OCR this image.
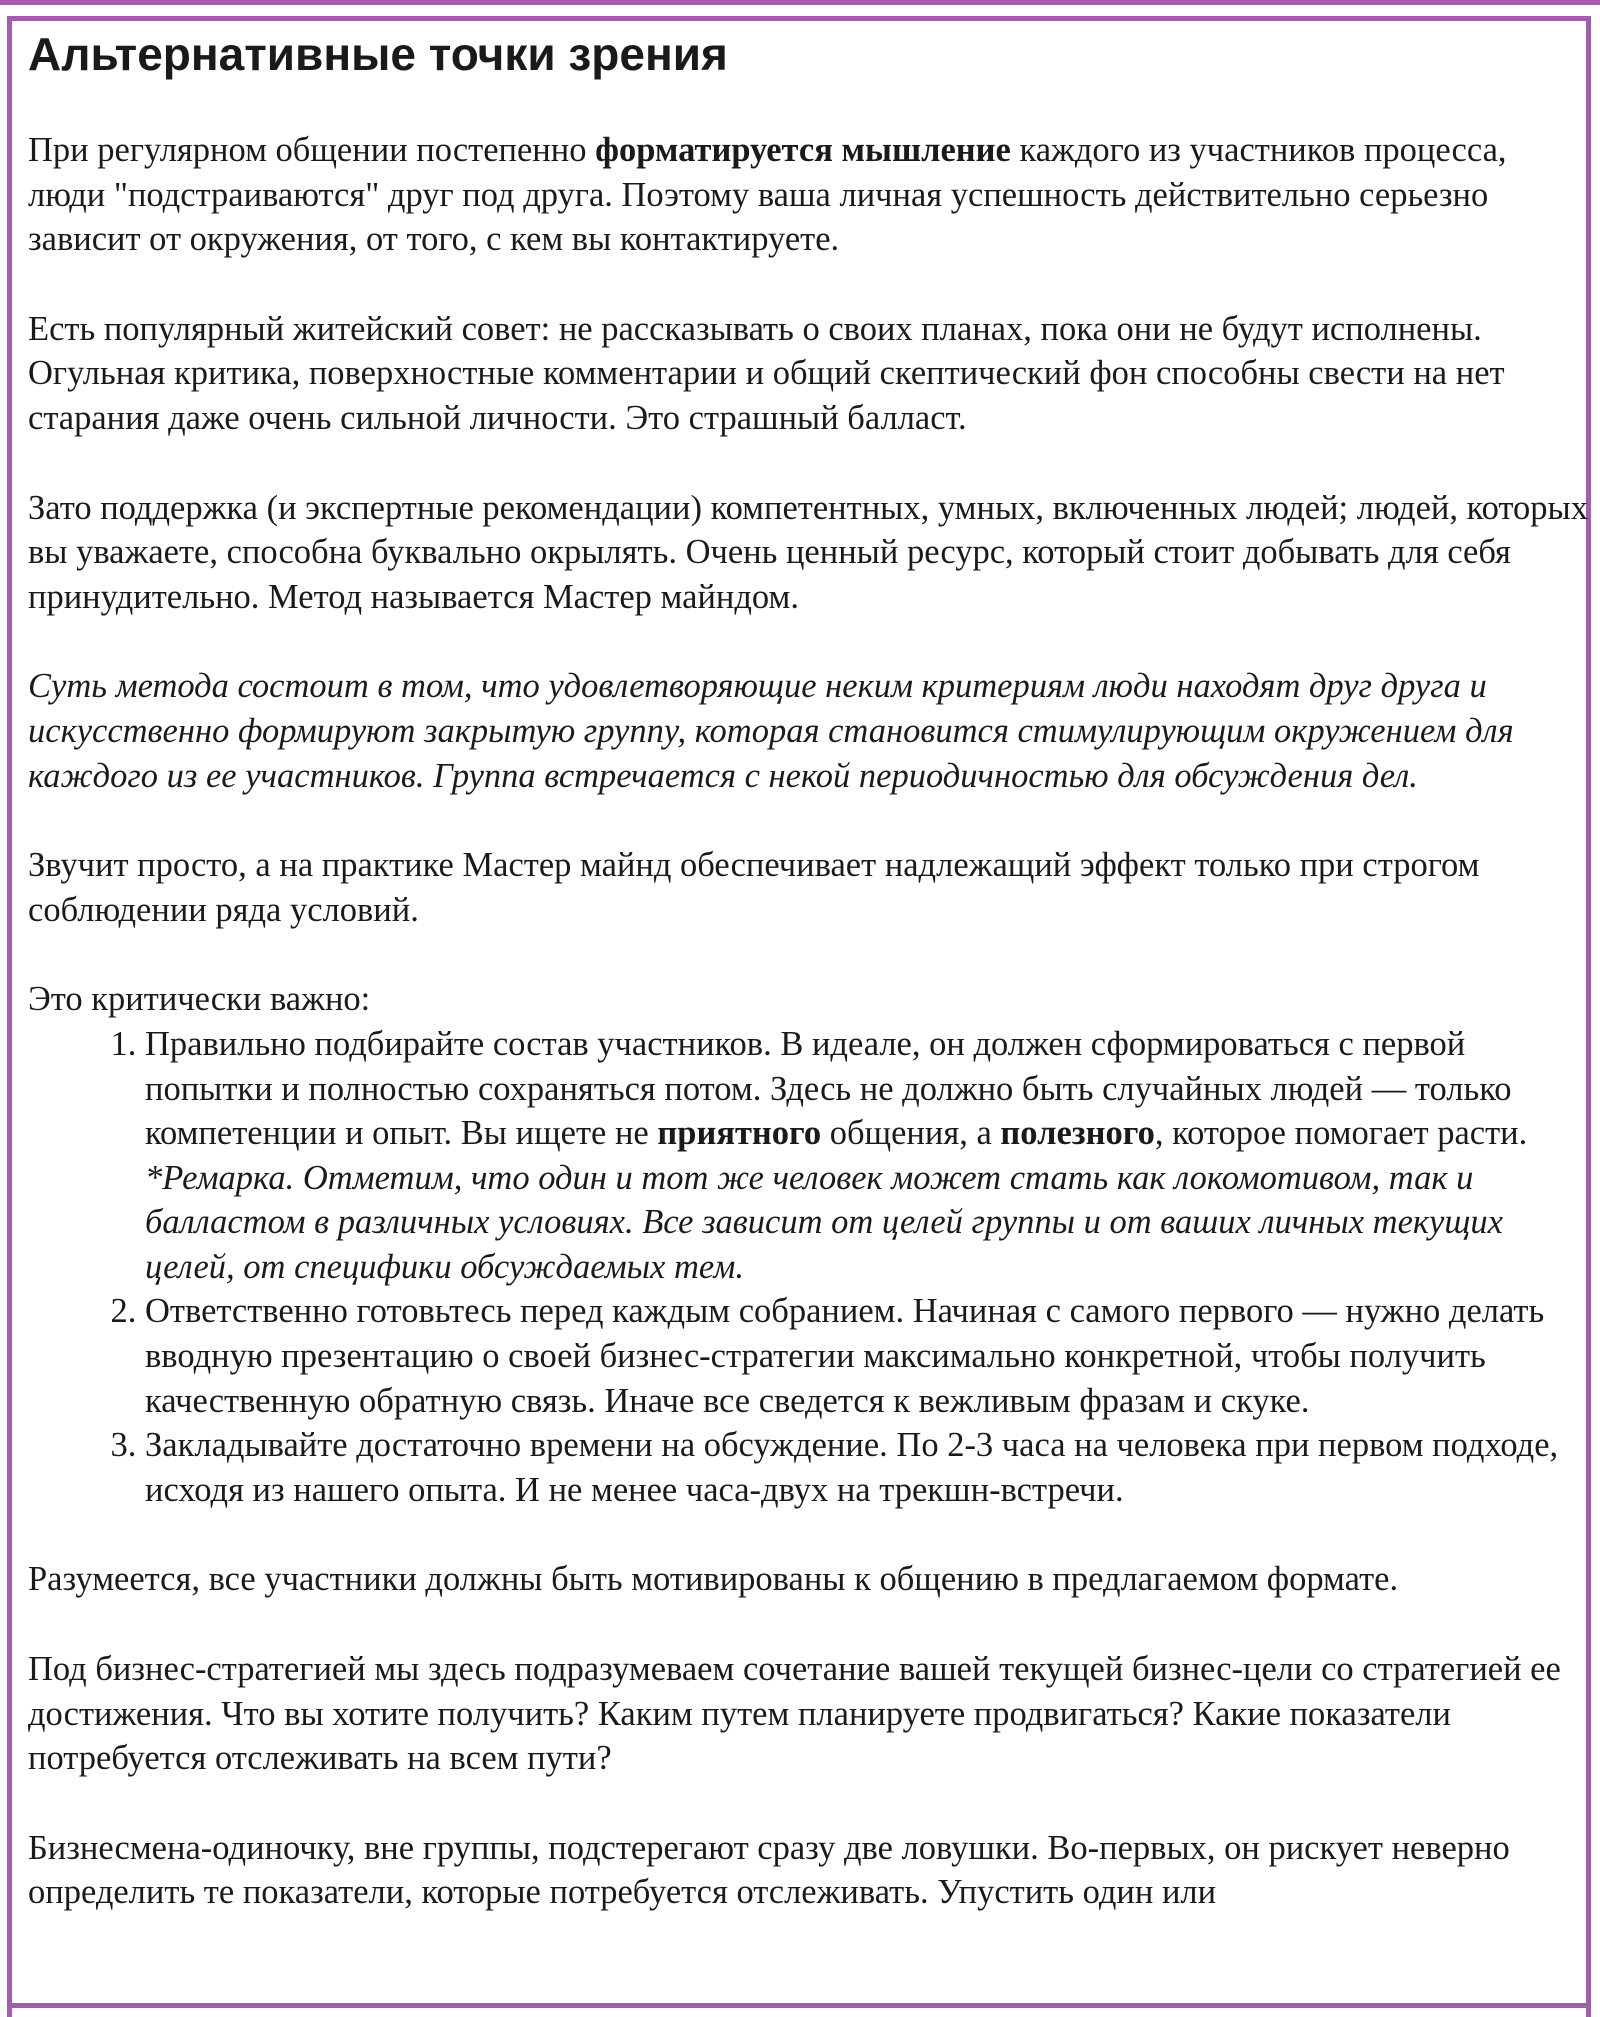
Альтернативные точки зрения

При регулярном общении постепенно форматируется мышление каждого из участников процесса, люди "подстраиваются" друг под друга. Поэтому ваша личная успешность действительно серьезно зависит от окружения, от того, с кем вы контактируете.

Есть популярный житейский совет: не рассказывать о своих планах, пока они не будут исполнены. Огульная критика, поверхностные комментарии и общий скептический фон способны свести на нет старания даже очень сильной личности. Это страшный балласт.

Зато поддержка (и экспертные рекомендации) компетентных, умных, включенных людей; людей, которых вы уважаете, способна буквально окрылять. Очень ценный ресурс, который стоит добывать для себя принудительно. Метод называется Мастер майндом.

Суть метода состоит в том, что удовлетворяющие неким критериям люди находят друг друга и искусственно формируют закрытую группу, которая становится стимулирующим окружением для каждого из ее участников. Группа встречается с некой периодичностью для обсуждения дел.

Звучит просто, а на практике Мастер майнд обеспечивает надлежащий эффект только при строгом соблюдении ряда условий.

Это критически важно:

1. Правильно подбирайте состав участников. В идеале, он должен сформироваться с первой попытки и полностью сохраняться потом. Здесь не должно быть случайных людей — только компетенции и опыт. Вы ищете не приятного общения, а полезного, которое помогает расти. *Ремарка. Отметим, что один и тот же человек может стать как локомотивом, так и балластом в различных условиях. Все зависит от целей группы и от ваших личных текущих целей, от специфики обсуждаемых тем.
2. Ответственно готовьтесь перед каждым собранием. Начиная с самого первого — нужно делать вводную презентацию о своей бизнес-стратегии максимально конкретной, чтобы получить качественную обратную связь. Иначе все сведется к вежливым фразам и скуке.
3. Закладывайте достаточно времени на обсуждение. По 2-3 часа на человека при первом подходе, исходя из нашего опыта. И не менее часа-двух на трекшн-встречи.

Разумеется, все участники должны быть мотивированы к общению в предлагаемом формате.

Под бизнес-стратегией мы здесь подразумеваем сочетание вашей текущей бизнес-цели со стратегией ее достижения. Что вы хотите получить? Каким путем планируете продвигаться? Какие показатели потребуется отслеживать на всем пути?

Бизнесмена-одиночку, вне группы, подстерегают сразу две ловушки. Во-первых, он рискует неверно определить те показатели, которые потребуется отслеживать. Упустить один или
